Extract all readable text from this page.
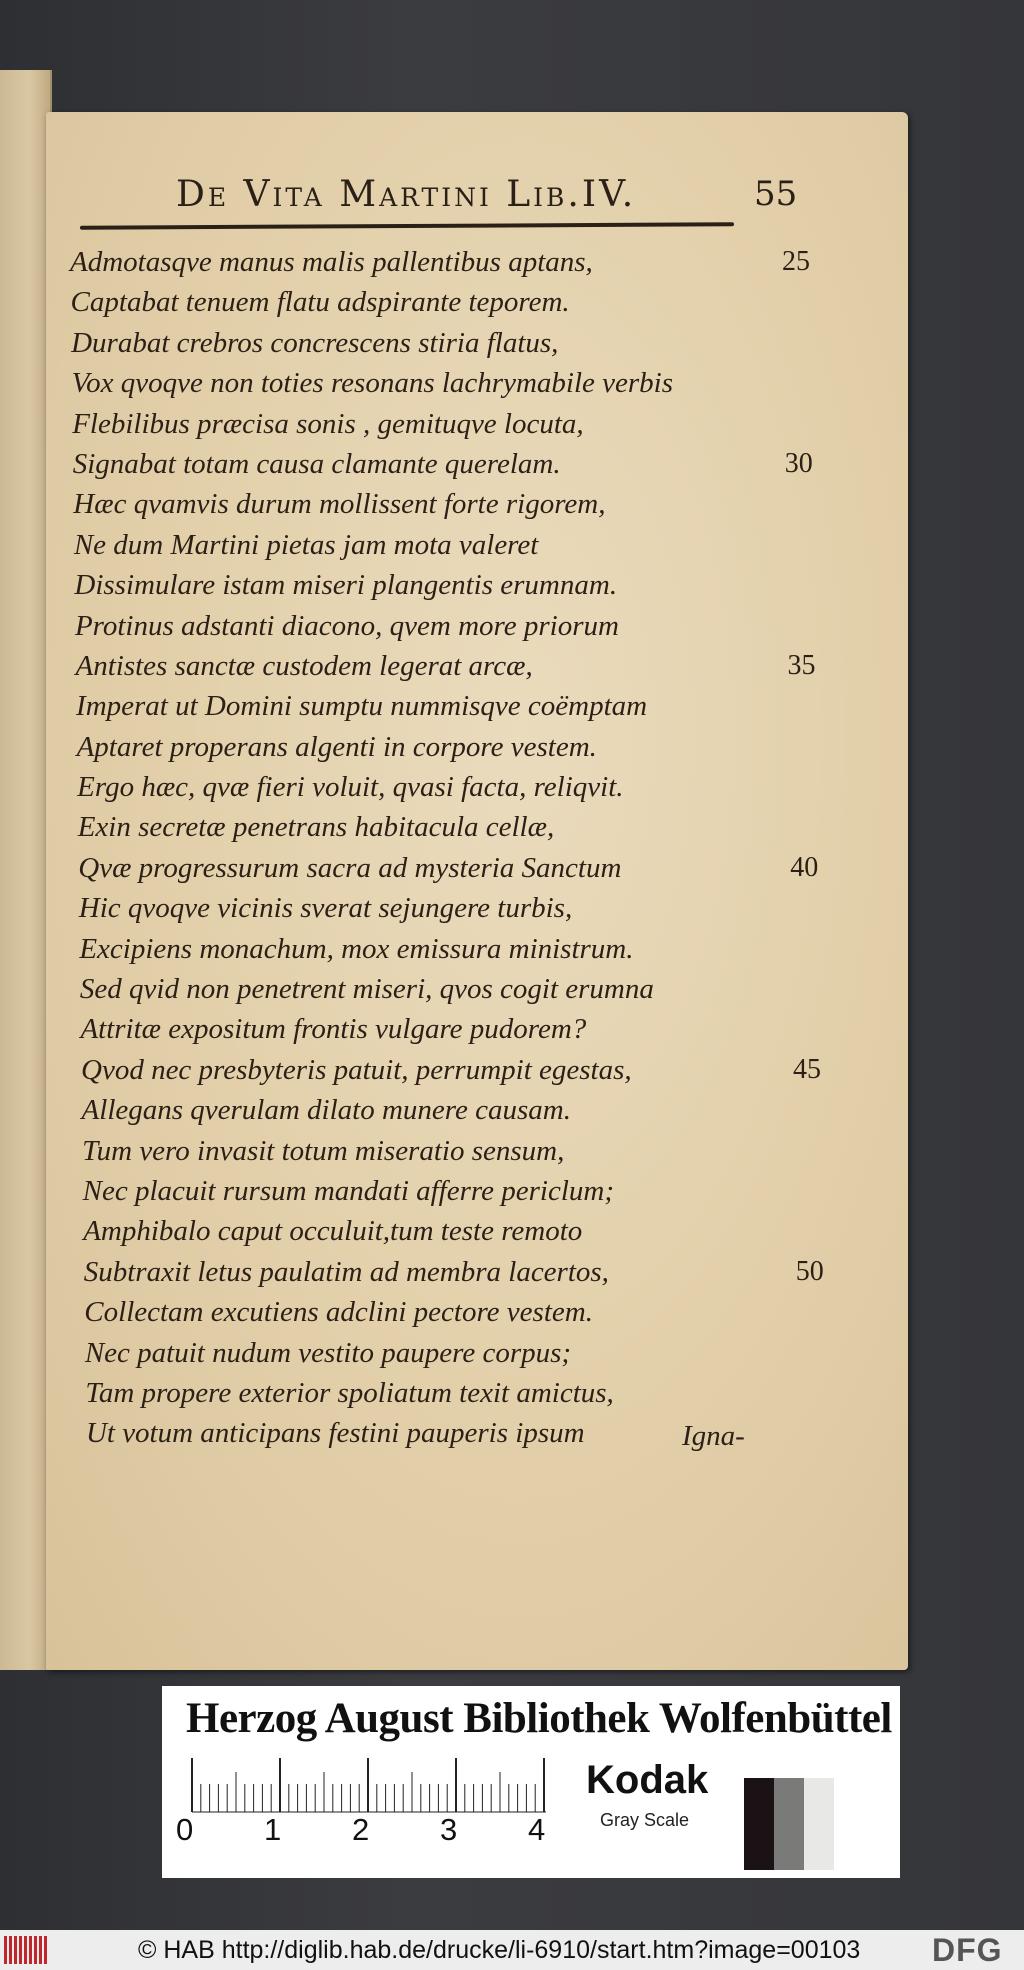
De Vita Martini Lib.IV.	55
Admotasqve manus malis pallentibus aptans,	25
Captabat tenuem flatu adspirante teporem.
Durabat crebros concrescens stiria flatus,
Vox qvoqve non toties resonans lachrymabile verbis
Flebilibus præcisa sonis , gemituqve locuta,
Signabat totam causa clamante querelam.	30
Hæc qvamvis durum mollissent forte rigorem,
Ne dum Martini pietas jam mota valeret
Dissimulare istam miseri plangentis erumnam.
Protinus adstanti diacono, qvem more priorum
Antistes sanctæ custodem legerat arcæ,	35
Imperat ut Domini sumptu nummisqve coëmptam
Aptaret properans algenti in corpore vestem.
Ergo hæc, qvæ fieri voluit, qvasi facta, reliqvit.
Exin secretæ penetrans habitacula cellæ,
Qvæ progressurum sacra ad mysteria Sanctum	40
Hic qvoqve vicinis sverat sejungere turbis,
Excipiens monachum, mox emissura ministrum.
Sed qvid non penetrent miseri, qvos cogit erumna
Attritæ expositum frontis vulgare pudorem?
Qvod nec presbyteris patuit, perrumpit egestas,	45
Allegans qverulam dilato munere causam.
Tum vero invasit totum miseratio sensum,
Nec placuit rursum mandati afferre periclum;
Amphibalo caput occuluit,tum teste remoto
Subtraxit letus paulatim ad membra lacertos,	50
Collectam excutiens adclini pectore vestem.
Nec patuit nudum vestito paupere corpus;
Tam propere exterior spoliatum texit amictus,
Ut votum anticipans festini pauperis ipsum	Igna-
Herzog August Bibliothek Wolfenbüttel
0 1 2 3 4
Kodak
Gray Scale
© HAB http://diglib.hab.de/drucke/li-6910/start.htm?image=00103 DFG
